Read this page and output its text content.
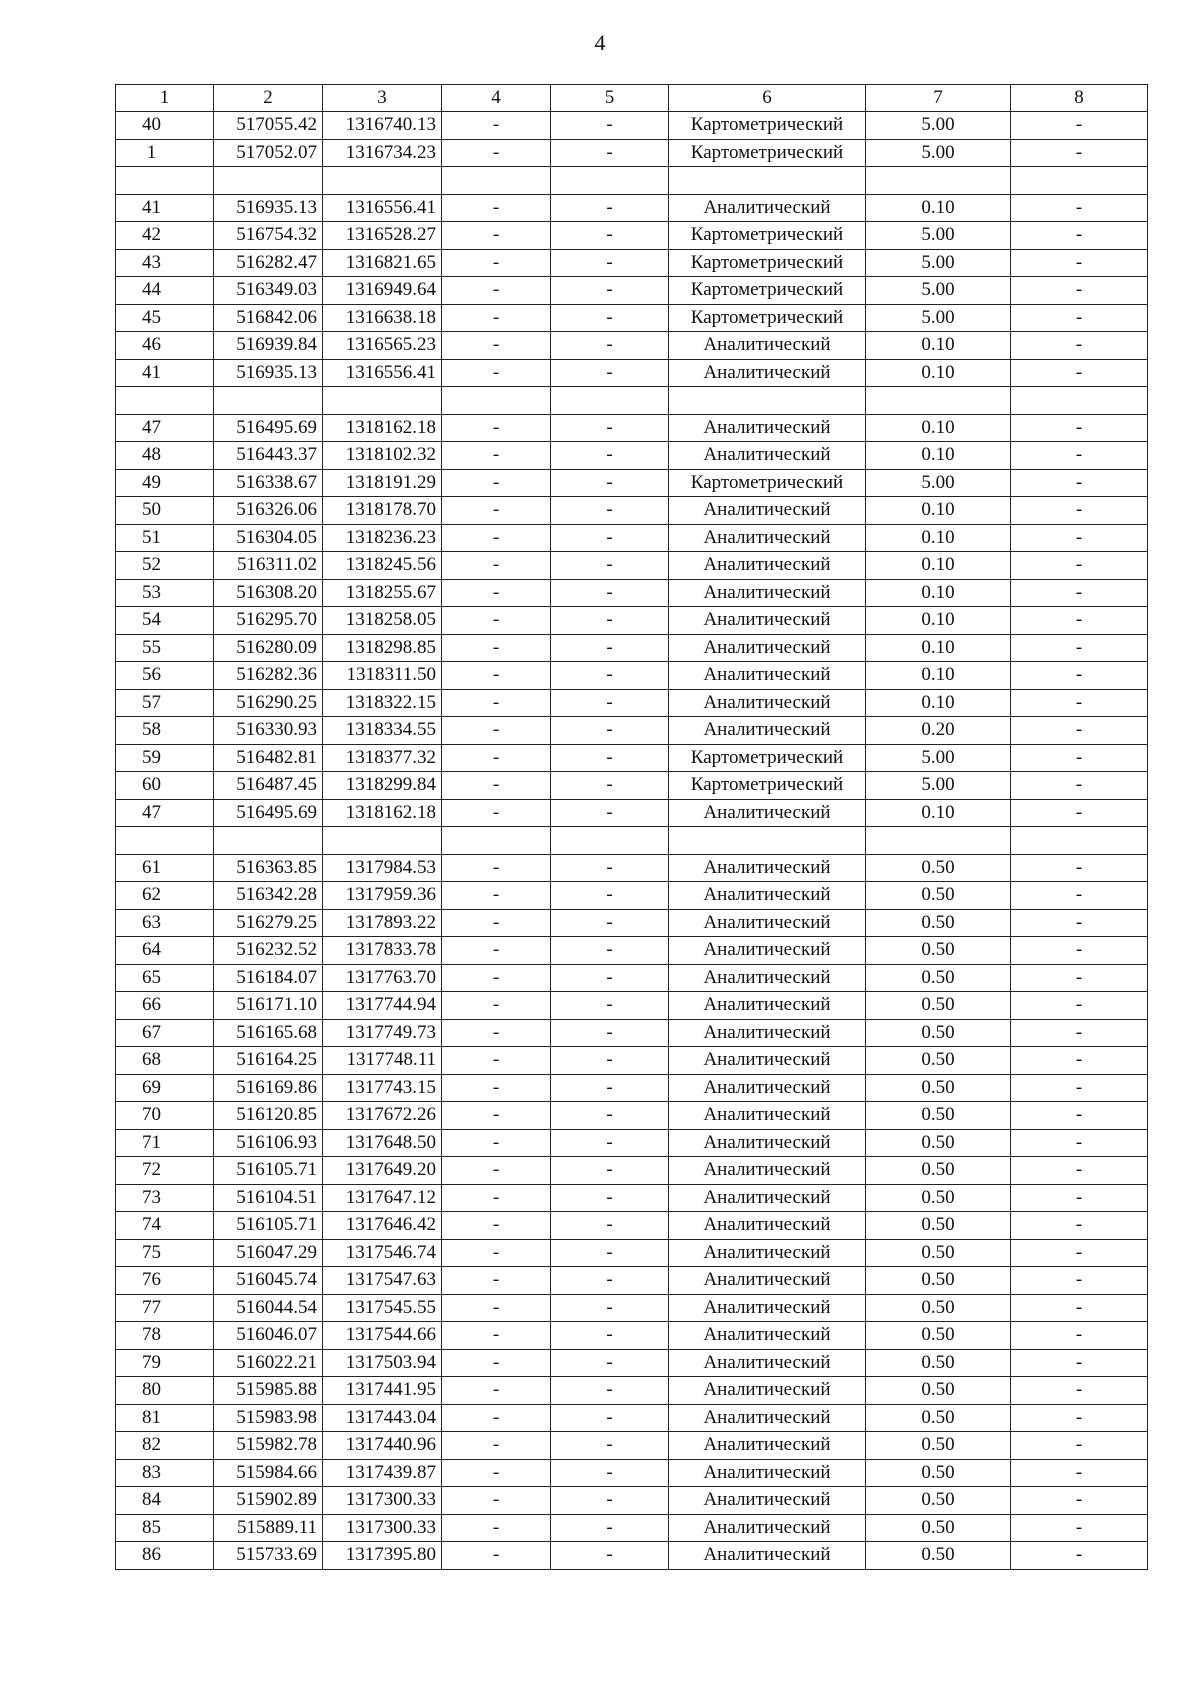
4
1	2	3	4	5	6	7	8
40	517055.42	1316740.13	-	-	Картометрический	5.00	-
1	517052.07	1316734.23	-	-	Картометрический	5.00	-

41	516935.13	1316556.41	-	-	Аналитический	0.10	-
42	516754.32	1316528.27	-	-	Картометрический	5.00	-
43	516282.47	1316821.65	-	-	Картометрический	5.00	-
44	516349.03	1316949.64	-	-	Картометрический	5.00	-
45	516842.06	1316638.18	-	-	Картометрический	5.00	-
46	516939.84	1316565.23	-	-	Аналитический	0.10	-
41	516935.13	1316556.41	-	-	Аналитический	0.10	-

47	516495.69	1318162.18	-	-	Аналитический	0.10	-
48	516443.37	1318102.32	-	-	Аналитический	0.10	-
49	516338.67	1318191.29	-	-	Картометрический	5.00	-
50	516326.06	1318178.70	-	-	Аналитический	0.10	-
51	516304.05	1318236.23	-	-	Аналитический	0.10	-
52	516311.02	1318245.56	-	-	Аналитический	0.10	-
53	516308.20	1318255.67	-	-	Аналитический	0.10	-
54	516295.70	1318258.05	-	-	Аналитический	0.10	-
55	516280.09	1318298.85	-	-	Аналитический	0.10	-
56	516282.36	1318311.50	-	-	Аналитический	0.10	-
57	516290.25	1318322.15	-	-	Аналитический	0.10	-
58	516330.93	1318334.55	-	-	Аналитический	0.20	-
59	516482.81	1318377.32	-	-	Картометрический	5.00	-
60	516487.45	1318299.84	-	-	Картометрический	5.00	-
47	516495.69	1318162.18	-	-	Аналитический	0.10	-

61	516363.85	1317984.53	-	-	Аналитический	0.50	-
62	516342.28	1317959.36	-	-	Аналитический	0.50	-
63	516279.25	1317893.22	-	-	Аналитический	0.50	-
64	516232.52	1317833.78	-	-	Аналитический	0.50	-
65	516184.07	1317763.70	-	-	Аналитический	0.50	-
66	516171.10	1317744.94	-	-	Аналитический	0.50	-
67	516165.68	1317749.73	-	-	Аналитический	0.50	-
68	516164.25	1317748.11	-	-	Аналитический	0.50	-
69	516169.86	1317743.15	-	-	Аналитический	0.50	-
70	516120.85	1317672.26	-	-	Аналитический	0.50	-
71	516106.93	1317648.50	-	-	Аналитический	0.50	-
72	516105.71	1317649.20	-	-	Аналитический	0.50	-
73	516104.51	1317647.12	-	-	Аналитический	0.50	-
74	516105.71	1317646.42	-	-	Аналитический	0.50	-
75	516047.29	1317546.74	-	-	Аналитический	0.50	-
76	516045.74	1317547.63	-	-	Аналитический	0.50	-
77	516044.54	1317545.55	-	-	Аналитический	0.50	-
78	516046.07	1317544.66	-	-	Аналитический	0.50	-
79	516022.21	1317503.94	-	-	Аналитический	0.50	-
80	515985.88	1317441.95	-	-	Аналитический	0.50	-
81	515983.98	1317443.04	-	-	Аналитический	0.50	-
82	515982.78	1317440.96	-	-	Аналитический	0.50	-
83	515984.66	1317439.87	-	-	Аналитический	0.50	-
84	515902.89	1317300.33	-	-	Аналитический	0.50	-
85	515889.11	1317300.33	-	-	Аналитический	0.50	-
86	515733.69	1317395.80	-	-	Аналитический	0.50	-
